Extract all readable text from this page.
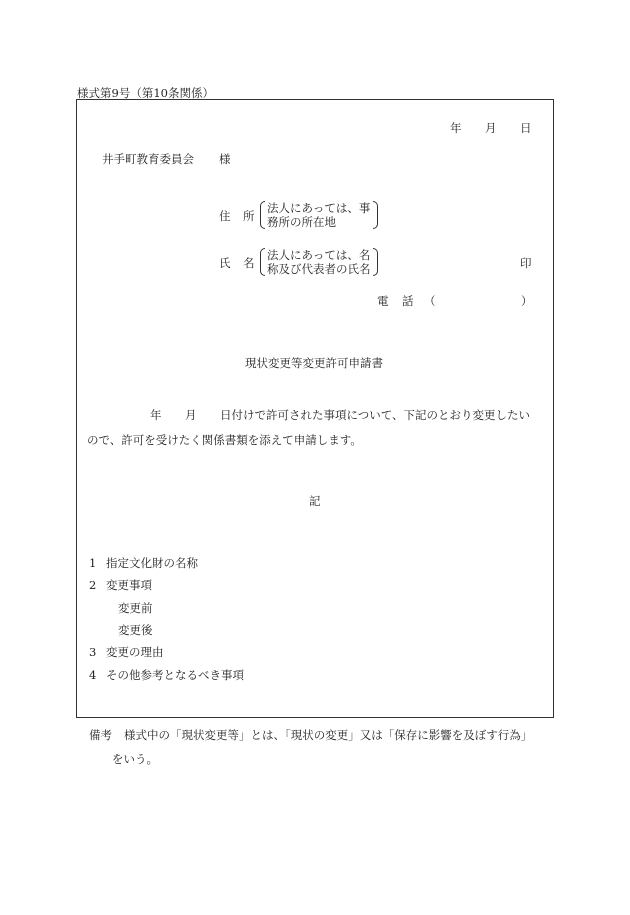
様式第9号（第10条関係）
年 月 日
井手町教育委員会 様
住 所
法人にあっては、事
務所の所在地
氏 名
法人にあっては、名
称及び代表者の氏名	印
電 話 （	）
現状変更等変更許可申請書
年 月 日付けで許可された事項について、下記のとおり変更したい
ので、許可を受けたく関係書類を添えて申請します。
記
1 指定文化財の名称
2 変更事項
変更前
変更後
3 変更の理由
4 その他参考となるべき事項
備考 様式中の「現状変更等」とは、「現状の変更」又は「保存に影響を及ぼす行為」
をいう。
